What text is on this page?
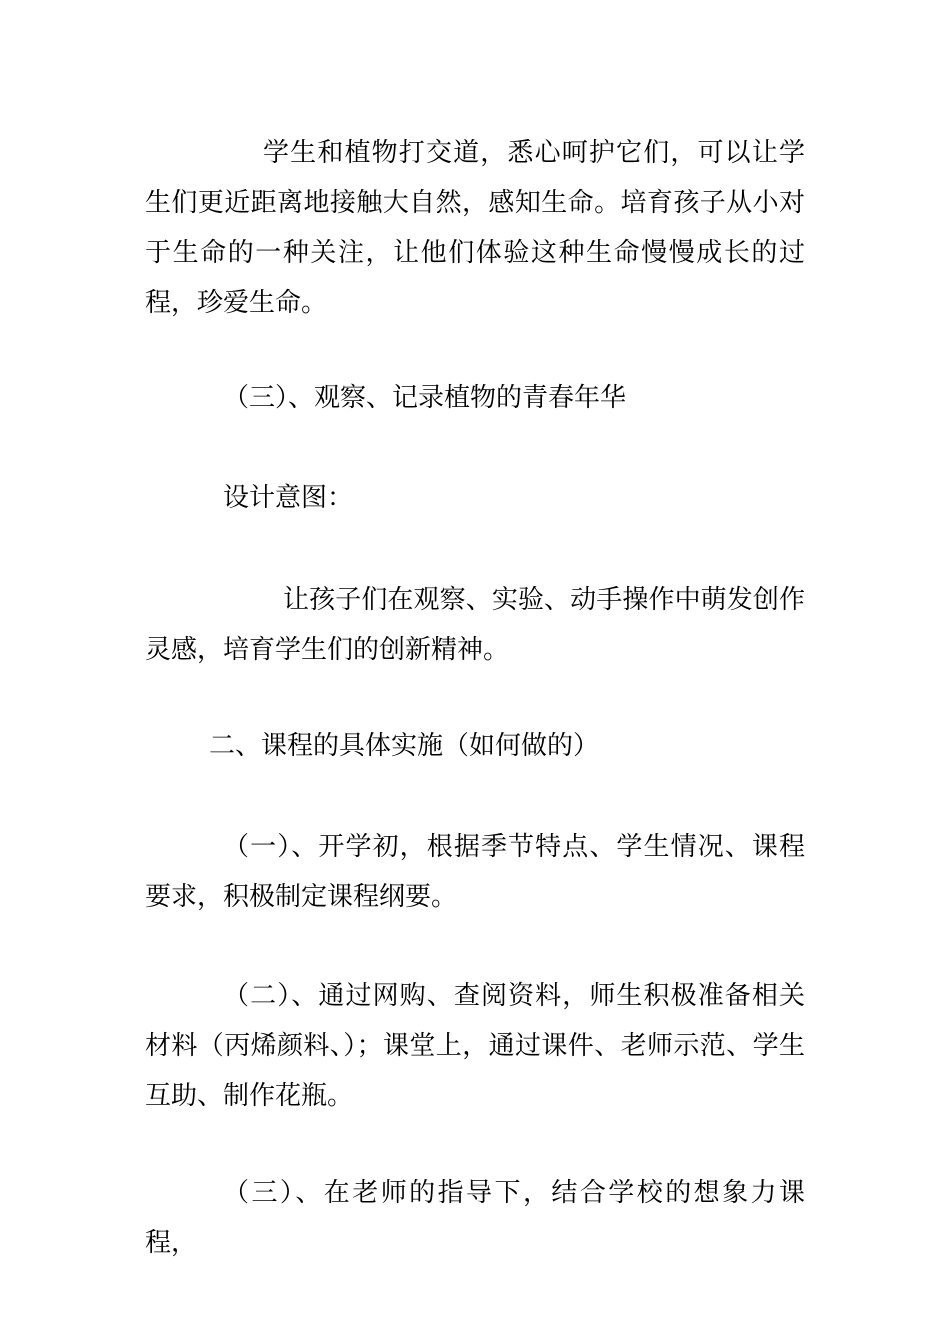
学生和植物打交道，悉心呵护它们，可以让学生们更近距离地接触大自然，感知生命。培育孩子从小对于生命的一种关注，让他们体验这种生命慢慢成长的过程，珍爱生命。

（三）、观察、记录植物的青春年华

设计意图：

让孩子们在观察、实验、动手操作中萌发创作灵感，培育学生们的创新精神。

二、课程的具体实施（如何做的）

（一）、开学初，根据季节特点、学生情况、课程要求，积极制定课程纲要。

（二）、通过网购、查阅资料，师生积极准备相关材料（丙烯颜料、）；课堂上，通过课件、老师示范、学生互助、制作花瓶。

（三）、在老师的指导下，结合学校的想象力课程，
